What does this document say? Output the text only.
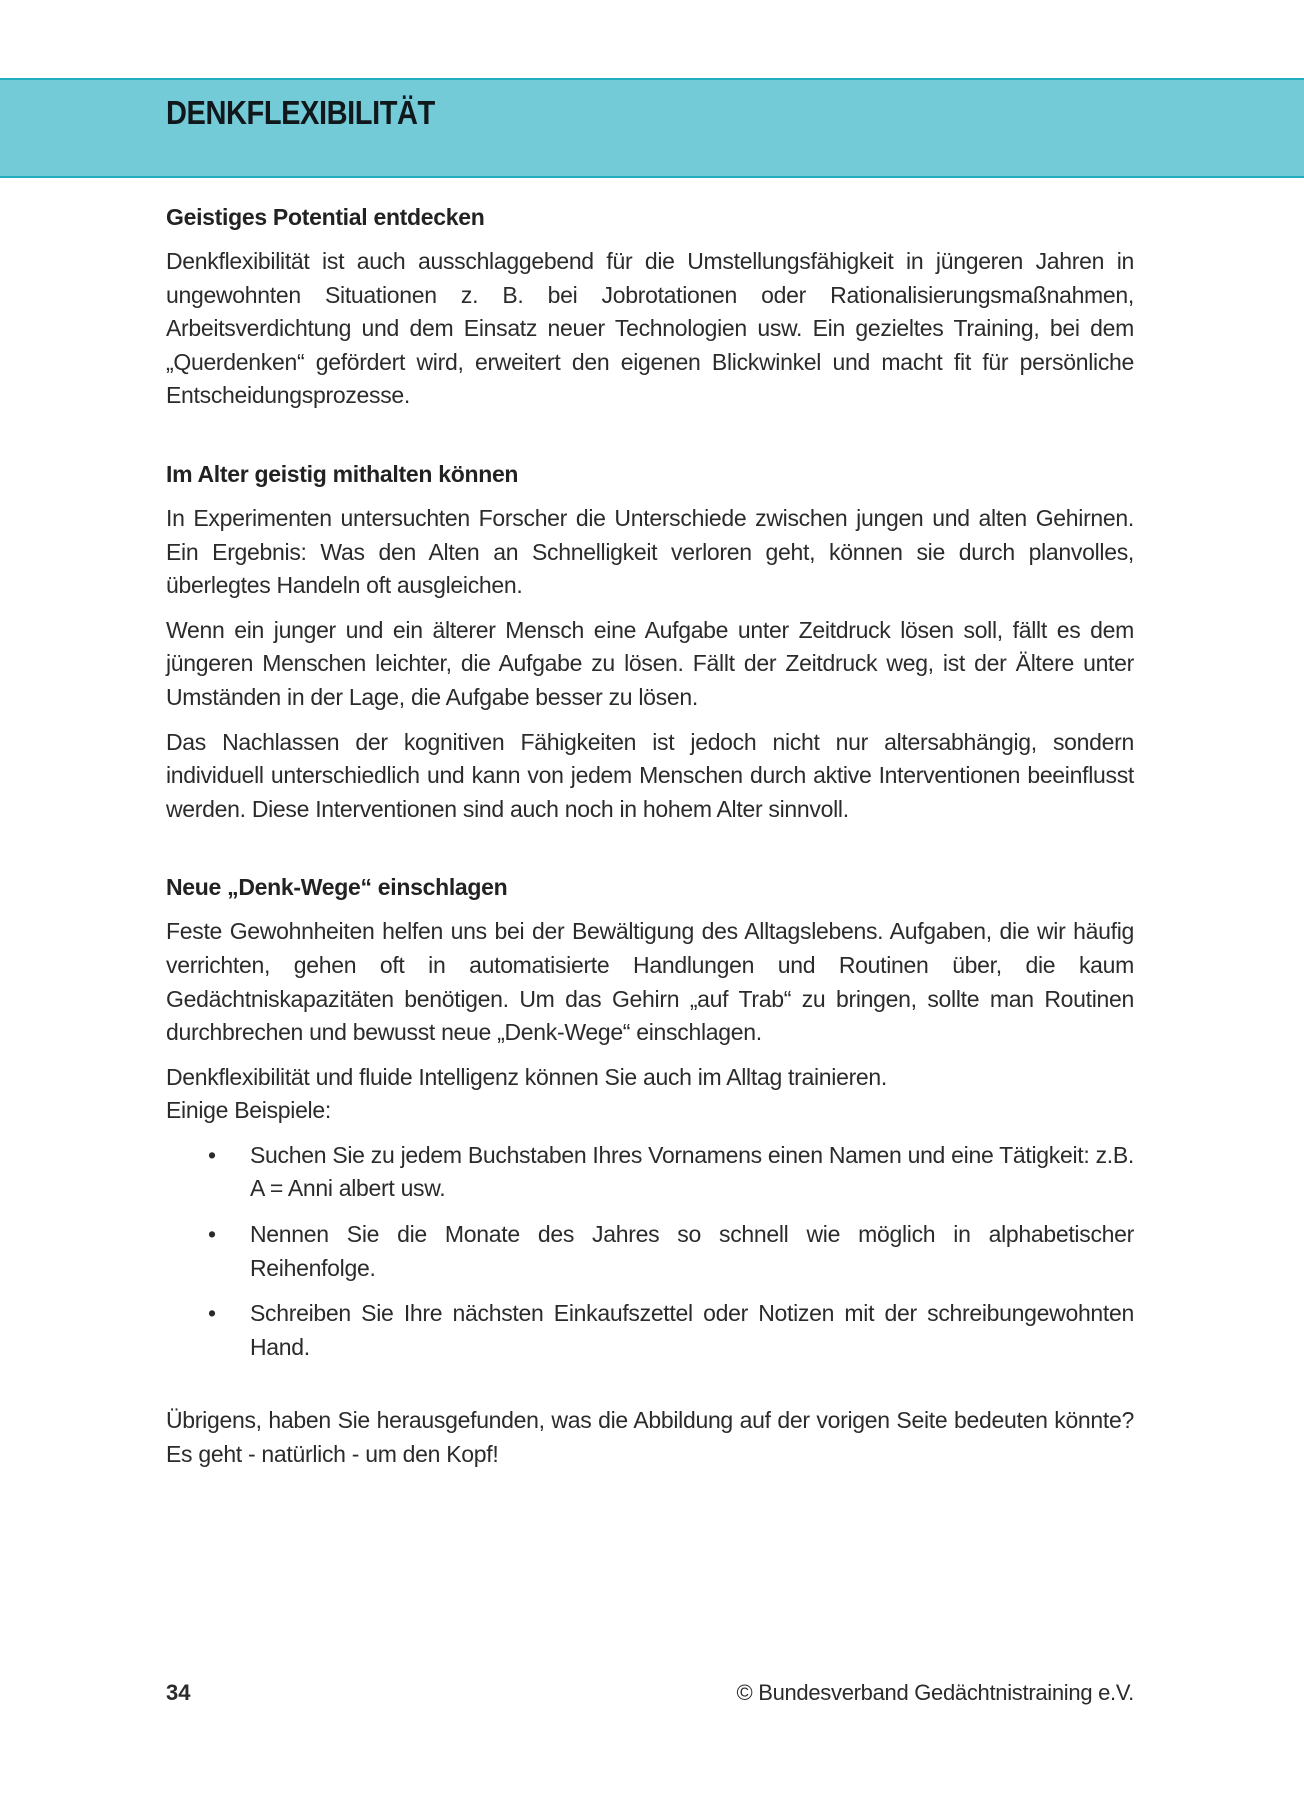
DENKFLEXIBILITÄT
Geistiges Potential entdecken

Denkflexibilität ist auch ausschlaggebend für die Umstellungsfähigkeit in jüngeren Jahren in ungewohnten Situationen z. B. bei Jobrotationen oder Rationalisierungsmaßnahmen, Arbeitsverdichtung und dem Einsatz neuer Technologien usw. Ein gezieltes Training, bei dem „Querdenken“ gefördert wird, erweitert den eigenen Blickwinkel und macht fit für persönliche Entscheidungsprozesse.

Im Alter geistig mithalten können

In Experimenten untersuchten Forscher die Unterschiede zwischen jungen und alten Gehirnen. Ein Ergebnis: Was den Alten an Schnelligkeit verloren geht, können sie durch planvolles, überlegtes Handeln oft ausgleichen.

Wenn ein junger und ein älterer Mensch eine Aufgabe unter Zeitdruck lösen soll, fällt es dem jüngeren Menschen leichter, die Aufgabe zu lösen. Fällt der Zeitdruck weg, ist der Ältere unter Umständen in der Lage, die Aufgabe besser zu lösen.

Das Nachlassen der kognitiven Fähigkeiten ist jedoch nicht nur altersabhängig, sondern individuell unterschiedlich und kann von jedem Menschen durch aktive Interventionen beeinflusst werden. Diese Interventionen sind auch noch in hohem Alter sinnvoll.

Neue „Denk-Wege“ einschlagen

Feste Gewohnheiten helfen uns bei der Bewältigung des Alltagslebens. Aufgaben, die wir häufig verrichten, gehen oft in automatisierte Handlungen und Routinen über, die kaum Gedächtniskapazitäten benötigen. Um das Gehirn „auf Trab“ zu bringen, sollte man Routinen durchbrechen und bewusst neue „Denk-Wege“ einschlagen.

Denkflexibilität und fluide Intelligenz können Sie auch im Alltag trainieren.

Einige Beispiele:

• Suchen Sie zu jedem Buchstaben Ihres Vornamens einen Namen und eine Tätigkeit: z.B. A = Anni albert usw.
• Nennen Sie die Monate des Jahres so schnell wie möglich in alphabetischer Reihenfolge.
• Schreiben Sie Ihre nächsten Einkaufszettel oder Notizen mit der schreibungewohnten Hand.

Übrigens, haben Sie herausgefunden, was die Abbildung auf der vorigen Seite bedeuten könnte? Es geht - natürlich - um den Kopf!

34	© Bundesverband Gedächtnistraining e.V.
